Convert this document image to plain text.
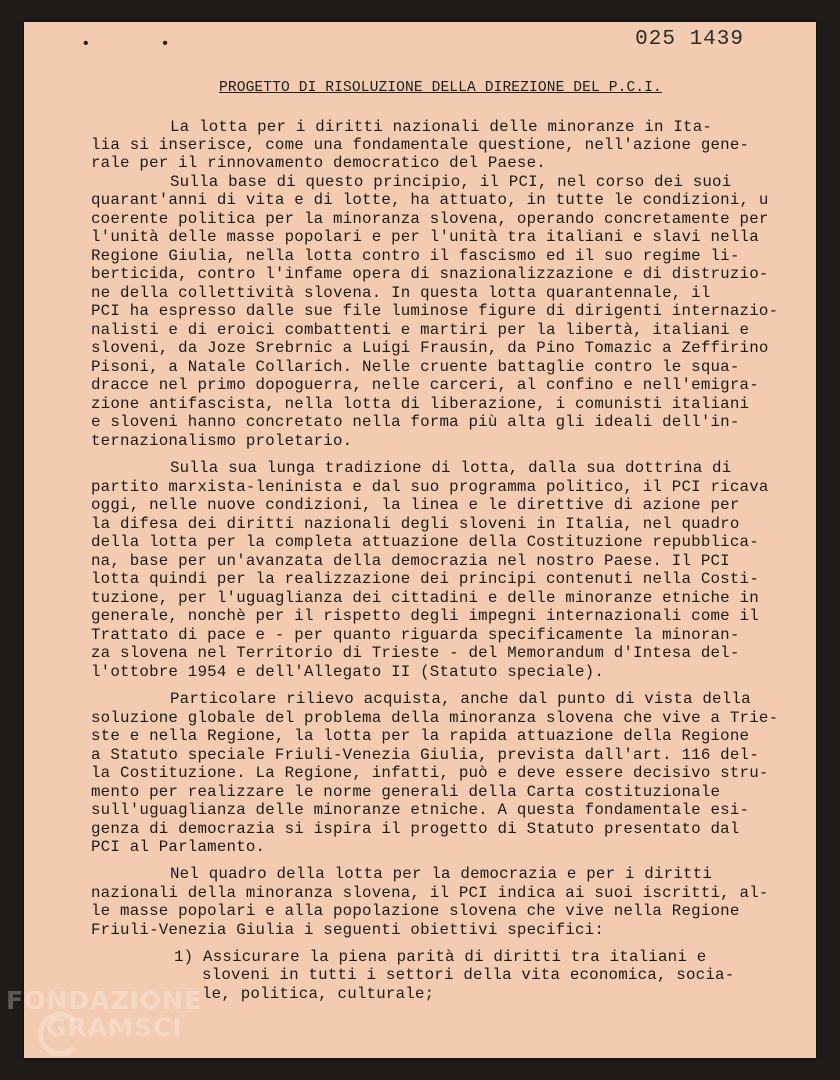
• •	025 1439
PROGETTO DI RISOLUZIONE DELLA DIREZIONE DEL P.C.I.
La lotta per i diritti nazionali delle minoranze in Ita-
lia si inserisce, come una fondamentale questione, nell'azione gene-
rale per il rinnovamento democratico del Paese.
Sulla base di questo principio, il PCI, nel corso dei suoi
quarant'anni di vita e di lotte, ha attuato, in tutte le condizioni, u
coerente politica per la minoranza slovena, operando concretamente per
l'unità delle masse popolari e per l'unità tra italiani e slavi nella
Regione Giulia, nella lotta contro il fascismo ed il suo regime li-
berticida, contro l'infame opera di snazionalizzazione e di distruzio-
ne della collettività slovena. In questa lotta quarantennale, il
PCI ha espresso dalle sue file luminose figure di dirigenti internazio-
nalisti e di eroici combattenti e martiri per la libertà, italiani e
sloveni, da Joze Srebrnic a Luigi Frausin, da Pino Tomazic a Zeffirino
Pisoni, a Natale Collarich. Nelle cruente battaglie contro le squa-
dracce nel primo dopoguerra, nelle carceri, al confino e nell'emigra-
zione antifascista, nella lotta di liberazione, i comunisti italiani
e sloveni hanno concretato nella forma più alta gli ideali dell'in-
ternazionalismo proletario.
Sulla sua lunga tradizione di lotta, dalla sua dottrina di
partito marxista-leninista e dal suo programma politico, il PCI ricava
oggi, nelle nuove condizioni, la linea e le direttive di azione per
la difesa dei diritti nazionali degli sloveni in Italia, nel quadro
della lotta per la completa attuazione della Costituzione repubblica-
na, base per un'avanzata della democrazia nel nostro Paese. Il PCI
lotta quindi per la realizzazione dei principi contenuti nella Costi-
tuzione, per l'uguaglianza dei cittadini e delle minoranze etniche in
generale, nonchè per il rispetto degli impegni internazionali come il
Trattato di pace e - per quanto riguarda specificamente la minoran-
za slovena nel Territorio di Trieste - del Memorandum d'Intesa del-
l'ottobre 1954 e dell'Allegato II (Statuto speciale).
Particolare rilievo acquista, anche dal punto di vista della
soluzione globale del problema della minoranza slovena che vive a Trie-
ste e nella Regione, la lotta per la rapida attuazione della Regione
a Statuto speciale Friuli-Venezia Giulia, prevista dall'art. 116 del-
la Costituzione. La Regione, infatti, può e deve essere decisivo stru-
mento per realizzare le norme generali della Carta costituzionale
sull'uguaglianza delle minoranze etniche. A questa fondamentale esi-
genza di democrazia si ispira il progetto di Statuto presentato dal
PCI al Parlamento.
Nel quadro della lotta per la democrazia e per i diritti
nazionali della minoranza slovena, il PCI indica ai suoi iscritti, al-
le masse popolari e alla popolazione slovena che vive nella Regione
Friuli-Venezia Giulia i seguenti obiettivi specifici:
1) Assicurare la piena parità di diritti tra italiani e
sloveni in tutti i settori della vita economica, socia-
le, politica, culturale;
FONDAZIONE
GRAMSCI
